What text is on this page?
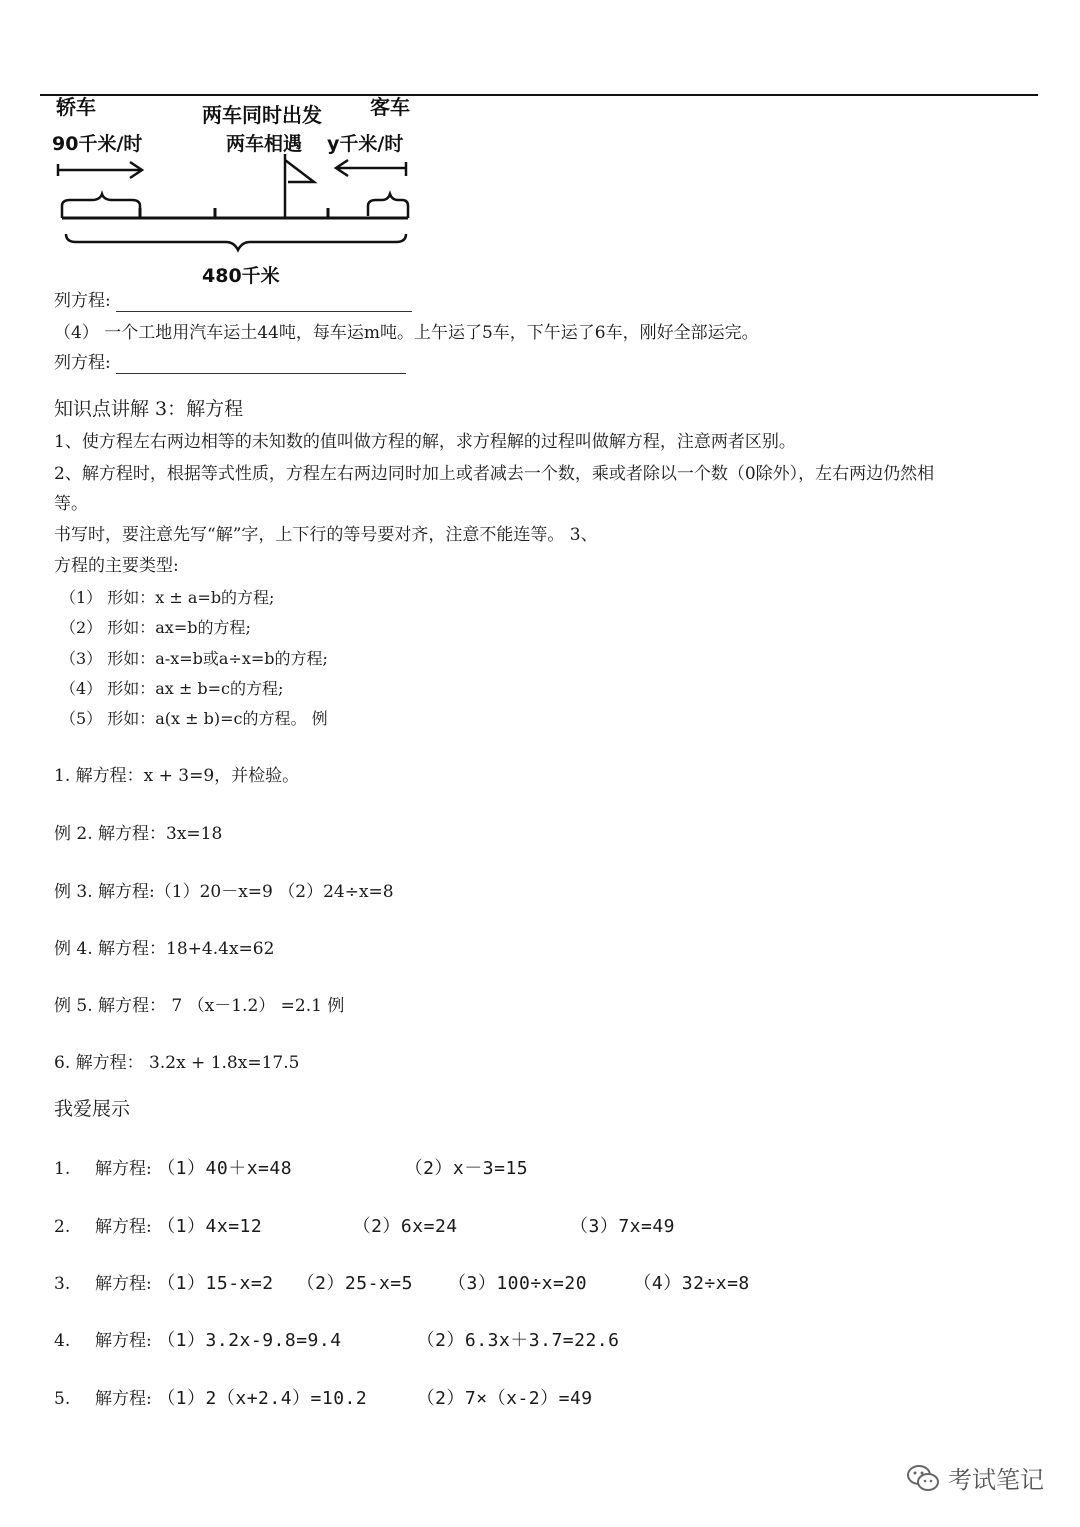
轿车
90千米/时
两车同时出发
两车相遇
客车
y千米/时
480千米
列方程:
（4） 一个工地用汽车运土44吨，每车运m吨。上午运了5车，下午运了6车，刚好全部运完。
列方程:
知识点讲解 3：解方程
1、使方程左右两边相等的未知数的值叫做方程的解，求方程解的过程叫做解方程，注意两者区别。
2、解方程时，根据等式性质，方程左右两边同时加上或者减去一个数，乘或者除以一个数（0除外），左右两边仍然相
等。
书写时，要注意先写“解”字，上下行的等号要对齐，注意不能连等。 3、
方程的主要类型:
（1） 形如：x ± a=b的方程;
（2） 形如：ax=b的方程;
（3） 形如：a-x=b或a÷x=b的方程;
（4） 形如：ax ± b=c的方程;
（5） 形如：a(x ± b)=c的方程。 例
1. 解方程：x + 3=9，并检验。
例 2. 解方程：3x=18
例 3. 解方程:（1）20－x=9 （2）24÷x=8
例 4. 解方程：18+4.4x=62
例 5. 解方程： 7 （x－1.2） =2.1 例
6. 解方程： 3.2x + 1.8x=17.5
我爱展示
1. 解方程: （1）40＋x=48	（2）x－3=15
2. 解方程: （1）4x=12	（2）6x=24	（3）7x=49
3. 解方程: （1）15-x=2 （2）25-x=5 （3）100÷x=20	（4）32÷x=8
4. 解方程: （1）3.2x-9.8=9.4	（2）6.3x＋3.7=22.6
5. 解方程: （1）2（x+2.4）=10.2	（2）7×（x-2）=49
考试笔记
